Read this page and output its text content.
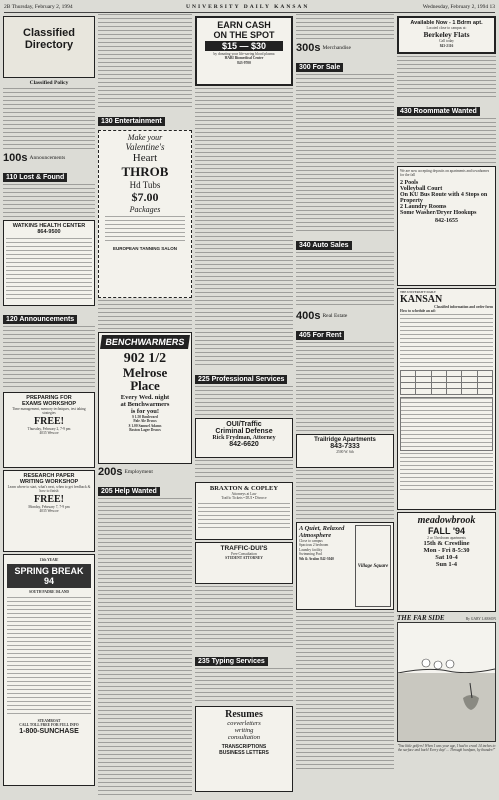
2B Thursday, February 2, 1994	UNIVERSITY DAILY KANSAN	Wednesday, February 2, 1994 13
Classified Directory
Classified Policy
100s Announcements
110 Lost & Found
WATKINS HEALTH CENTER
864-9500
120 Announcements
PREPARING FOR
EXAMS WORKSHOP
Time management, memory techniques, test taking strategies
FREE!
Thursday, February 2, 7-9 pm
4035 Wescoe
RESEARCH PAPER
WRITING WORKSHOP
Learn where to start, what's next, when to get feedback & how to finish
FREE!
Monday, February 7, 7-9 pm
4035 Wescoe
13th YEAR!
SPRING BREAK 94
SOUTH PADRE ISLAND
STEAMBOAT
CALL TOLL FREE FOR FULL INFO
1-800-SUNCHASE
130 Entertainment
Make your
Valentine's
Heart
THROB
Hd Tubs
$7.00
Packages
EUROPEAN TANNING SALON
BENCHWARMERS
902 1/2
Melrose
Place
Every Wed. night
at Benchwarmers
is for you!
$ 1.50 Boulevard
Pale Ale Draws
$ 1.00 Samuel Adams
Boston Lager Draws
200s Employment
205 Help Wanted
EARN CASH
ON THE SPOT
$15 — $30
by donating your life-saving blood plasma
HABI Biomedical Center
843-9700
225 Professional Services
OUI/Traffic
Criminal Defense
Rick Frydman, Attorney
842-6620
BRAXTON & COPLEY
Attorneys at Law
Traffic Tickets • DUI • Divorce
TRAFFIC-DUI'S
Free Consultation
STUDENT ATTORNEY
235 Typing Services
Resumes
covverletters
writing
consultation
TRANSCRIPTIONS
BUSINESS LETTERS
300s Merchandise
300 For Sale
340 Auto Sales
400s Real Estate
405 For Rent
Trailridge Apartments
843-7333
2500 W. 6th
A Quiet, Relaxed
Atmosphere
Close to campus
Spacious 2 bedroom
Laundry facility
Swimming Pool
9th & Avalon 842-3040
Village Square
Available Now - 1 Bdrm apt.
Located close to campus at:
Berkeley Flats
Call today
843-2116
430 Roommate Wanted
We are now accepting deposits on apartments and townhomes for the fall
2 Pools
Volleyball Court
On KU Bus Route with 4 Stops on Property
2 Laundry Rooms
Some Washer/Dryer Hookups
842-1655
THE UNIVERSITY DAILY
KANSAN
Classified information and order form
How to schedule an ad:

meadowbrook
FALL '94
2 or 3 bedroom apartments
15th & Crestline
Mon - Fri 8-5:30
Sat 10-4
Sun 1-4
THE FAR SIDE	By GARY LARSON
"You little golfers! When I was your age, I had to crawl 14 inches to the surface and back! Every day! ... Through hardpan, by thunder!"
